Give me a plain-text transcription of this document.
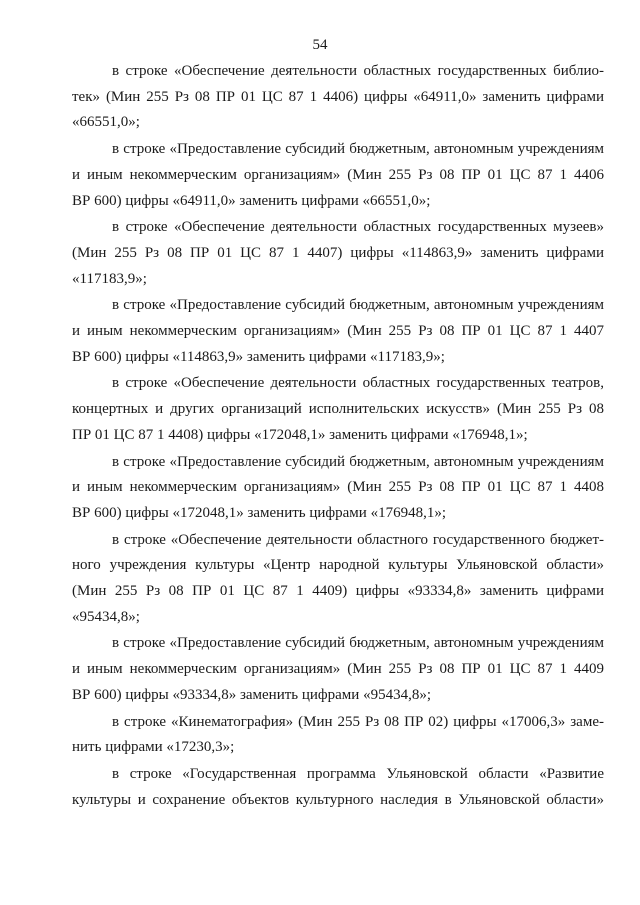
54

в строке «Обеспечение деятельности областных государственных библио-
тек» (Мин 255 Рз 08 ПР 01 ЦС 87 1 4406) цифры «64911,0» заменить цифрами
«66551,0»;

в строке «Предоставление субсидий бюджетным, автономным учреждениям
и иным некоммерческим организациям» (Мин 255 Рз 08 ПР 01 ЦС 87 1 4406
ВР 600) цифры «64911,0» заменить цифрами «66551,0»;

в строке «Обеспечение деятельности областных государственных музеев»
(Мин 255 Рз 08 ПР 01 ЦС 87 1 4407) цифры «114863,9» заменить цифрами
«117183,9»;

в строке «Предоставление субсидий бюджетным, автономным учреждениям
и иным некоммерческим организациям» (Мин 255 Рз 08 ПР 01 ЦС 87 1 4407
ВР 600) цифры «114863,9» заменить цифрами «117183,9»;

в строке «Обеспечение деятельности областных государственных театров,
концертных и других организаций исполнительских искусств» (Мин 255 Рз 08
ПР 01 ЦС 87 1 4408) цифры «172048,1» заменить цифрами «176948,1»;

в строке «Предоставление субсидий бюджетным, автономным учреждениям
и иным некоммерческим организациям» (Мин 255 Рз 08 ПР 01 ЦС 87 1 4408
ВР 600) цифры «172048,1» заменить цифрами «176948,1»;

в строке «Обеспечение деятельности областного государственного бюджет-
ного учреждения культуры «Центр народной культуры Ульяновской области»
(Мин 255 Рз 08 ПР 01 ЦС 87 1 4409) цифры «93334,8» заменить цифрами
«95434,8»;

в строке «Предоставление субсидий бюджетным, автономным учреждениям
и иным некоммерческим организациям» (Мин 255 Рз 08 ПР 01 ЦС 87 1 4409
ВР 600) цифры «93334,8» заменить цифрами «95434,8»;

в строке «Кинематография» (Мин 255 Рз 08 ПР 02) цифры «17006,3» заме-
нить цифрами «17230,3»;

в строке «Государственная программа Ульяновской области «Развитие
культуры и сохранение объектов культурного наследия в Ульяновской области»
